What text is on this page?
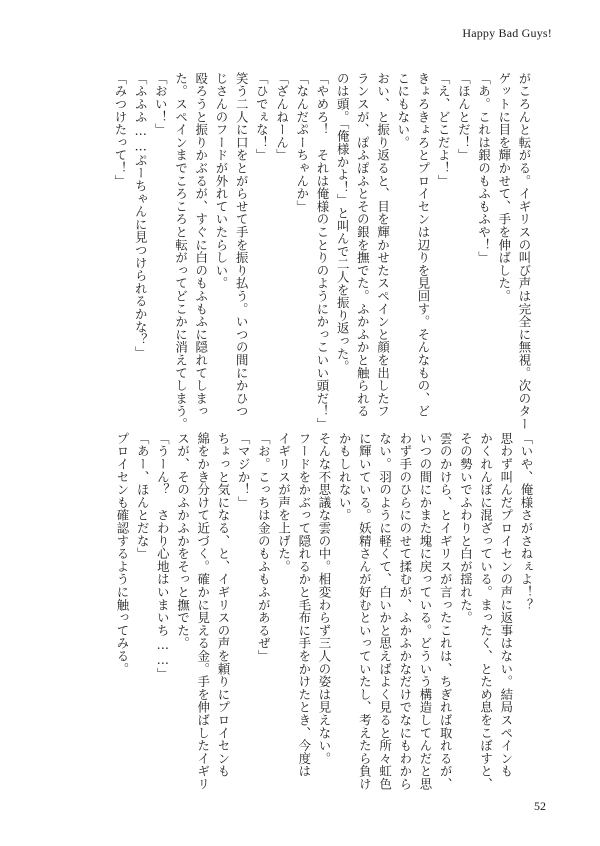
Happy Bad Guys!
がころんと転がる。イギリスの叫び声は完全に無視。次のター
ゲットに目を輝かせて、手を伸ばした。
「あ。これは銀のもふもふや！」
「ほんとだ！」
「え、どこだよ！」
きょろきょろとプロイセンは辺りを見回す。そんなもの、ど
こにもない。
おい、と振り返ると、目を輝かせたスペインと顔を出したフ
ランスが、ぽふぽふとその銀を撫でた。ふかふかと触られる
のは頭。「俺様かよ！」と叫んで二人を振り返った。
「やめろ！　それは俺様のことりのようにかっこいい頭だ！」
「なんだぷーちゃんか」
「ざんねーん」
「ひでぇな！」
笑う二人に口をとがらせて手を振り払う。いつの間にかひつ
じさんのフードが外れていたらしい。
殴ろうと振りかぶるが、すぐに白のもふもふに隠れてしまっ
た。スペインまでころころと転がってどこかに消えてしまう。
「おい！」
「ふふふ……ぷーちゃんに見つけられるかな？」
「みつけたって！」
「いや、俺様さがさねぇよ！？
思わず叫んだプロイセンの声に返事はない。結局スペインも
かくれんぼに混ざっている。まったく、とため息をこぼすと、
その勢いでふわりと白が揺れた。
雲のかけら、とイギリスが言ったこれは、ちぎれば取れるが、
いつの間にかまた塊に戻っている。どういう構造してんだと思
わず手のひらにのせて揉むが、ふかふかなだけでなにもわから
ない。羽のように軽くて、白いかと思えばよく見ると所々虹色
に輝いている。妖精さんが好むといっていたし、考えたら負け
かもしれない。
そんな不思議な雲の中。相変わらず三人の姿は見えない。
フードをかぶって隠れるかと毛布に手をかけたとき、今度は
イギリスが声を上げた。
「お。こっちは金のもふもふがあるぜ」
「マジか！」
ちょっと気になる、と、イギリスの声を頼りにプロイセンも
綿をかき分けて近づく。確かに見える金。手を伸ばしたイギリ
スが、そのふかふかをそっと撫でた。
「うーん？　さわり心地はいまいち……」
「あー、ほんとだな」
プロイセンも確認するように触ってみる。
52
